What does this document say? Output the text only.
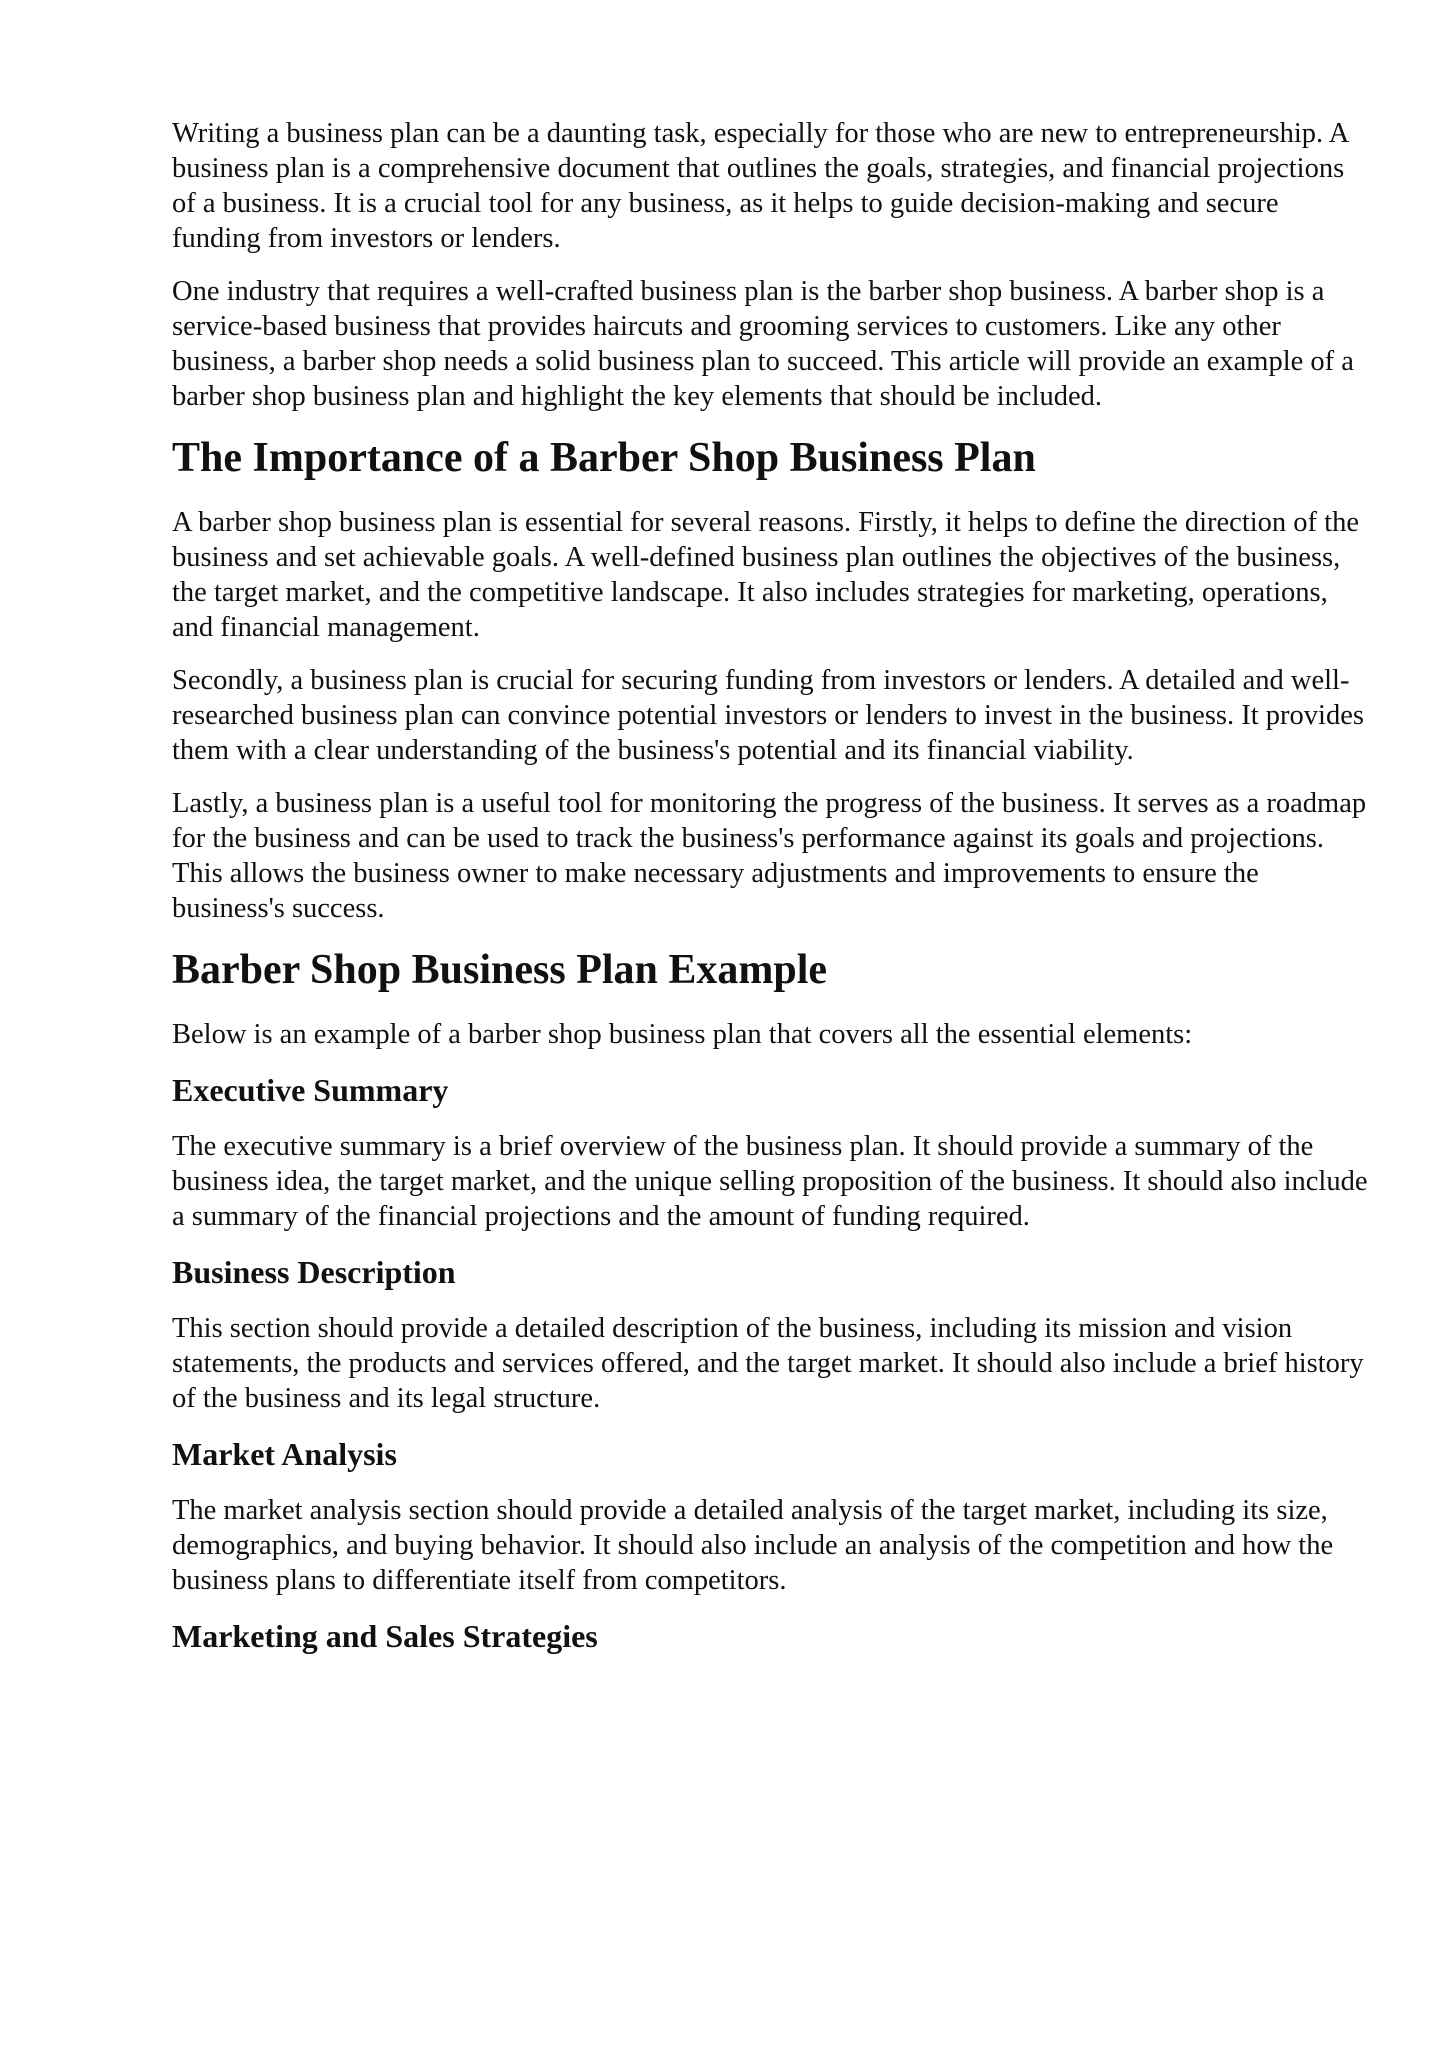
Writing a business plan can be a daunting task, especially for those who are new to entrepreneurship. A business plan is a comprehensive document that outlines the goals, strategies, and financial projections of a business. It is a crucial tool for any business, as it helps to guide decision-making and secure funding from investors or lenders.

One industry that requires a well-crafted business plan is the barber shop business. A barber shop is a service-based business that provides haircuts and grooming services to customers. Like any other business, a barber shop needs a solid business plan to succeed. This article will provide an example of a barber shop business plan and highlight the key elements that should be included.

The Importance of a Barber Shop Business Plan

A barber shop business plan is essential for several reasons. Firstly, it helps to define the direction of the business and set achievable goals. A well-defined business plan outlines the objectives of the business, the target market, and the competitive landscape. It also includes strategies for marketing, operations, and financial management.

Secondly, a business plan is crucial for securing funding from investors or lenders. A detailed and well-researched business plan can convince potential investors or lenders to invest in the business. It provides them with a clear understanding of the business's potential and its financial viability.

Lastly, a business plan is a useful tool for monitoring the progress of the business. It serves as a roadmap for the business and can be used to track the business's performance against its goals and projections. This allows the business owner to make necessary adjustments and improvements to ensure the business's success.

Barber Shop Business Plan Example

Below is an example of a barber shop business plan that covers all the essential elements:

Executive Summary

The executive summary is a brief overview of the business plan. It should provide a summary of the business idea, the target market, and the unique selling proposition of the business. It should also include a summary of the financial projections and the amount of funding required.

Business Description

This section should provide a detailed description of the business, including its mission and vision statements, the products and services offered, and the target market. It should also include a brief history of the business and its legal structure.

Market Analysis

The market analysis section should provide a detailed analysis of the target market, including its size, demographics, and buying behavior. It should also include an analysis of the competition and how the business plans to differentiate itself from competitors.

Marketing and Sales Strategies
